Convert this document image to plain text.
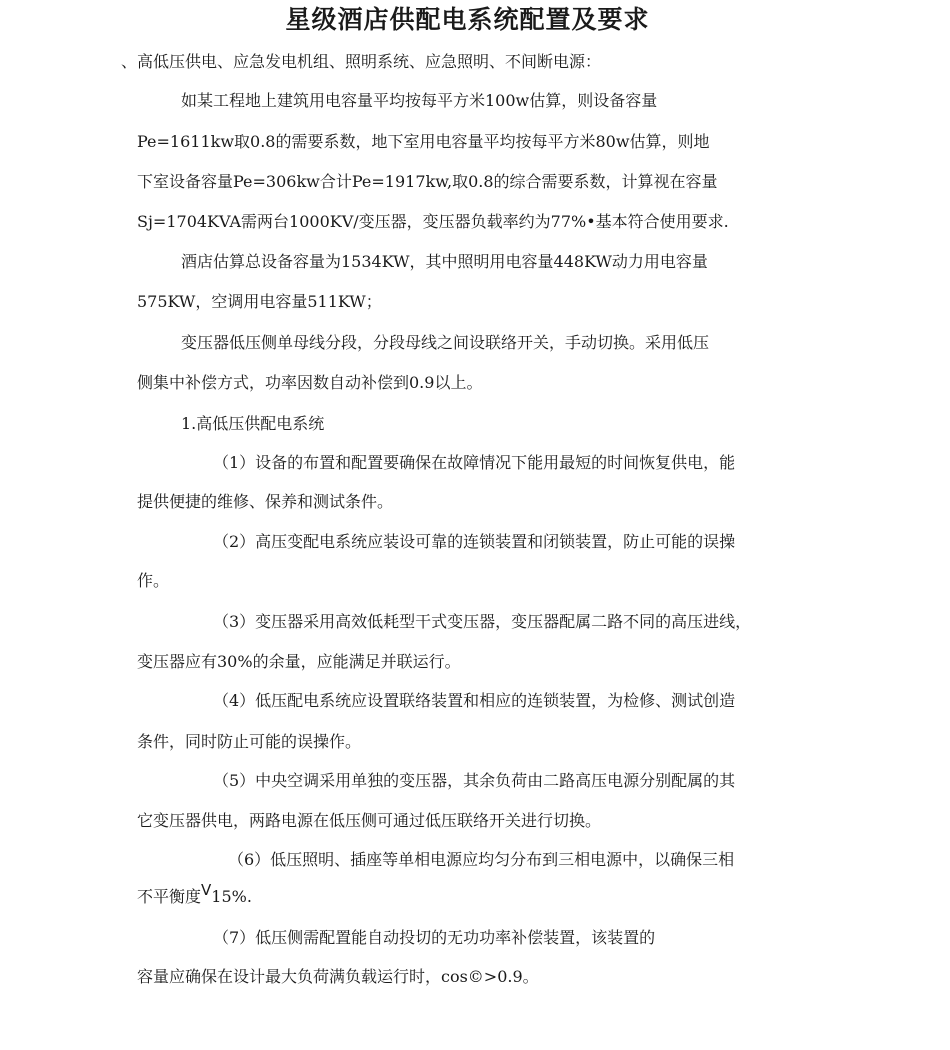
星级酒店供配电系统配置及要求
、高低压供电、应急发电机组、照明系统、应急照明、不间断电源：
如某工程地上建筑用电容量平均按每平方米100w估算，则设备容量
Pe=1611kw取0.8的需要系数，地下室用电容量平均按每平方米80w估算，则地
下室设备容量Pe=306kw合计Pe=1917kw,取0.8的综合需要系数，计算视在容量
Sj=1704KVA需两台1000KV/变压器，变压器负载率约为77%•基本符合使用要求.
酒店估算总设备容量为1534KW，其中照明用电容量448KW动力用电容量
575KW，空调用电容量511KW；
变压器低压侧单母线分段，分段母线之间设联络开关，手动切换。采用低压
侧集中补偿方式，功率因数自动补偿到0.9以上。
1.高低压供配电系统
（1）设备的布置和配置要确保在故障情况下能用最短的时间恢复供电，能
提供便捷的维修、保养和测试条件。
（2）高压变配电系统应装设可靠的连锁装置和闭锁装置，防止可能的误操
作。
（3）变压器采用高效低耗型干式变压器，变压器配属二路不同的高压进线，
变压器应有30%的余量，应能满足并联运行。
（4）低压配电系统应设置联络装置和相应的连锁装置，为检修、测试创造
条件，同时防止可能的误操作。
（5）中央空调采用单独的变压器，其余负荷由二路高压电源分别配属的其
它变压器供电，两路电源在低压侧可通过低压联络开关进行切换。
（6）低压照明、插座等单相电源应均匀分布到三相电源中，以确保三相
不平衡度V15%.
（7）低压侧需配置能自动投切的无功功率补偿装置，该装置的
容量应确保在设计最大负荷满负载运行时，cos©>0.9。
